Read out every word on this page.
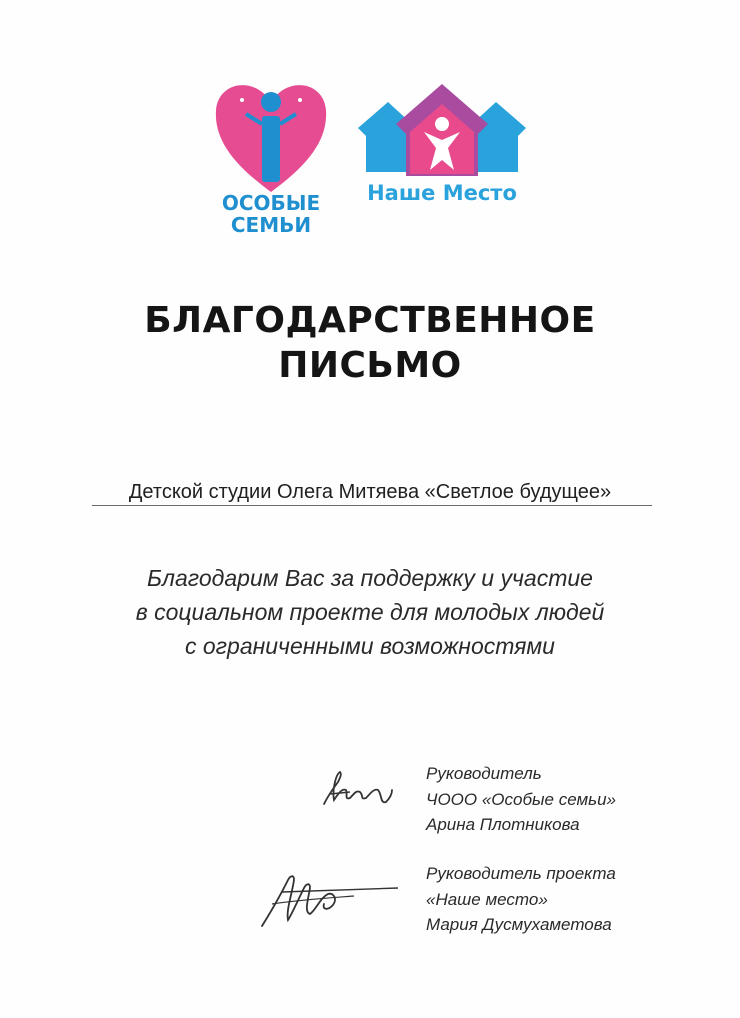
ОСОБЫЕ
СЕМЬИ
Наше Место
БЛАГОДАРСТВЕННОЕ
ПИСЬМО
Детской студии Олега Митяева «Светлое будущее»
Благодарим Вас за поддержку и участие
в социальном проекте для молодых людей
с ограниченными возможностями
Руководитель
ЧООО «Особые семьи»
Арина Плотникова
Руководитель проекта
«Наше место»
Мария Дусмухаметова
